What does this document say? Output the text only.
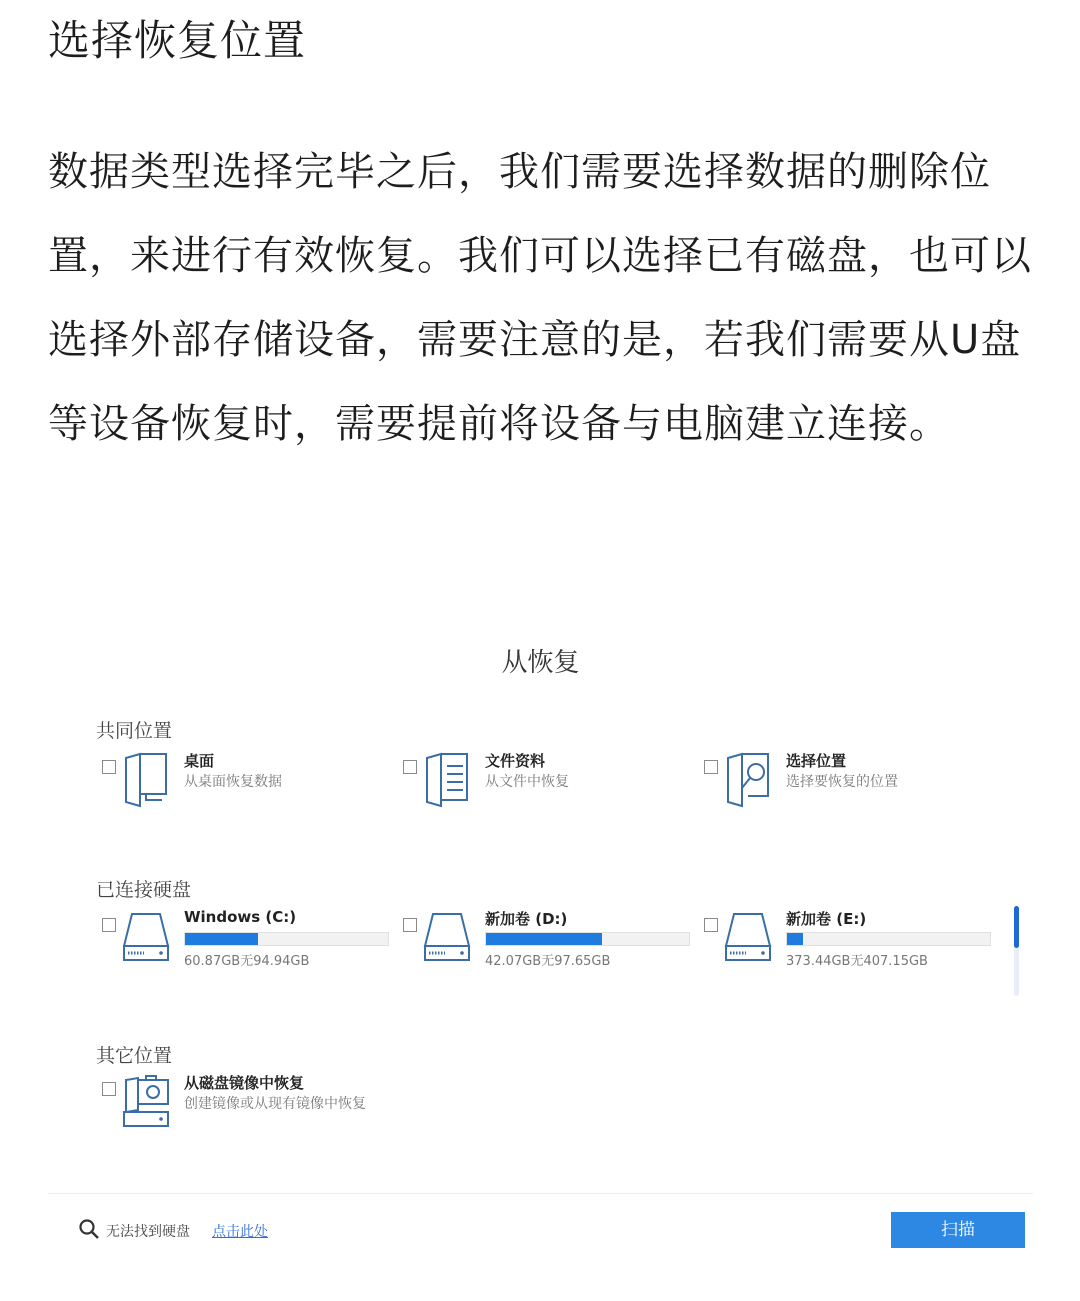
选择恢复位置
数据类型选择完毕之后，我们需要选择数据的删除位置，来进行有效恢复。我们可以选择已有磁盘，也可以选择外部存储设备，需要注意的是，若我们需要从U盘等设备恢复时，需要提前将设备与电脑建立连接。
从恢复
共同位置
桌面
从桌面恢复数据
文件资料
从文件中恢复
选择位置
选择要恢复的位置
已连接硬盘
Windows (C:)
60.87GB无94.94GB
新加卷 (D:)
42.07GB无97.65GB
新加卷 (E:)
373.44GB无407.15GB
其它位置
从磁盘镜像中恢复
创建镜像或从现有镜像中恢复
无法找到硬盘 点击此处	扫描
